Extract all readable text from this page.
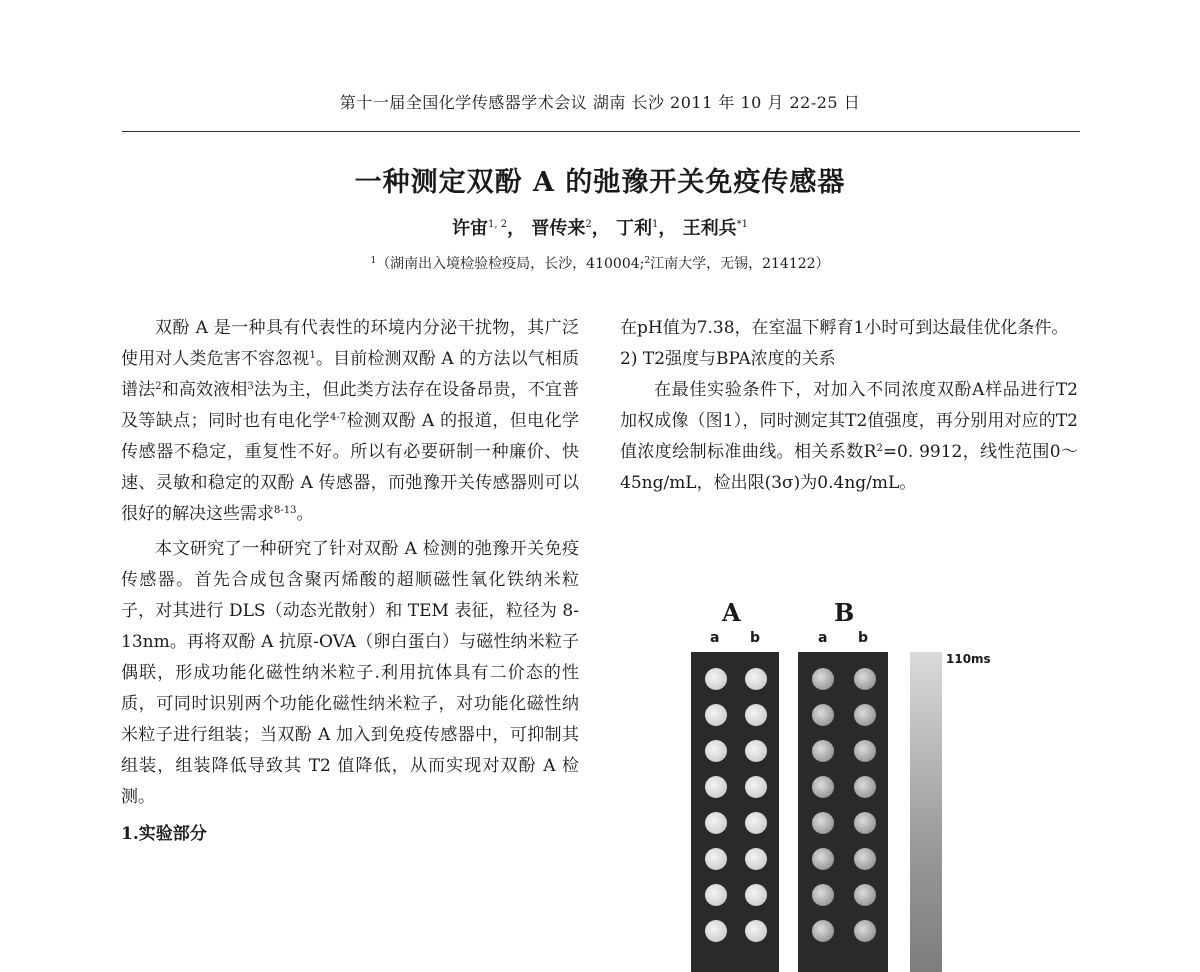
第十一届全国化学传感器学术会议 湖南 长沙 2011 年 10 月 22-25 日
一种测定双酚 A 的弛豫开关免疫传感器
许宙$^{1, 2}$， 晋传来$^2$， 丁利$^1$， 王利兵$^{*1}$
$^1$（湖南出入境检验检疫局，长沙，410004;$^2$江南大学，无锡，214122）

双酚 A 是一种具有代表性的环境内分泌干扰物，其广泛使用对人类危害不容忽视$^1$。目前检测双酚 A 的方法以气相质谱法$^2$和高效液相$^3$法为主，但此类方法存在设备昂贵，不宜普及等缺点；同时也有电化学$^{4-7}$检测双酚 A 的报道，但电化学传感器不稳定，重复性不好。所以有必要研制一种廉价、快速、灵敏和稳定的双酚 A 传感器，而弛豫开关传感器则可以很好的解决这些需求$^{8-13}$。

本文研究了一种研究了针对双酚 A 检测的弛豫开关免疫传感器。首先合成包含聚丙烯酸的超顺磁性氧化铁纳米粒子，对其进行 DLS（动态光散射）和 TEM 表征，粒径为 8-13nm。再将双酚 A 抗原-OVA（卵白蛋白）与磁性纳米粒子偶联，形成功能化磁性纳米粒子.利用抗体具有二价态的性质，可同时识别两个功能化磁性纳米粒子，对功能化磁性纳米粒子进行组装；当双酚 A 加入到免疫传感器中，可抑制其组装，组装降低导致其 T2 值降低，从而实现对双酚 A 检测。

1.实验部分

在pH值为7.38，在室温下孵育1小时可到达最佳优化条件。

2) T2强度与BPA浓度的关系

在最佳实验条件下，对加入不同浓度双酚A样品进行T2加权成像（图1），同时测定其T2值强度，再分别用对应的T2值浓度绘制标准曲线。相关系数$R^2=0$. 9912，线性范围0～45ng/mL，检出限(3σ)为0.4ng/mL。

A	B
a b	a b
110ms
